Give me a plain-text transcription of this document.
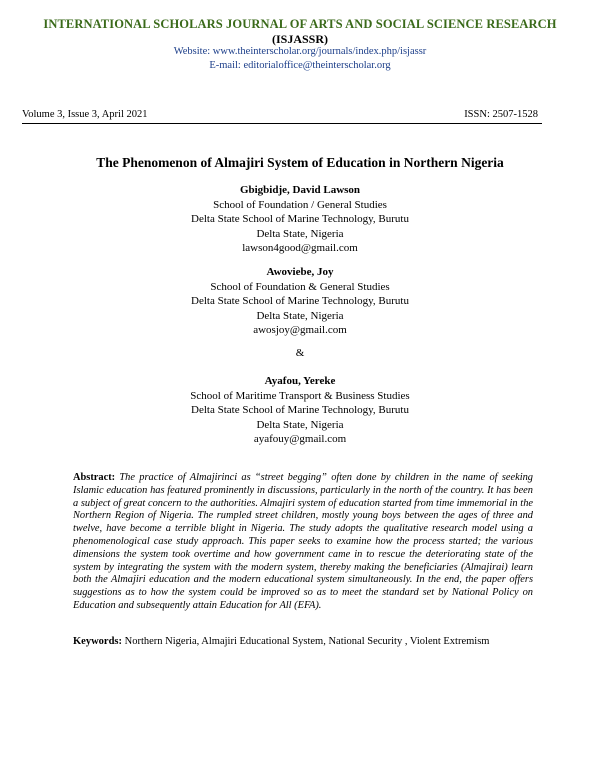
INTERNATIONAL SCHOLARS JOURNAL OF ARTS AND SOCIAL SCIENCE RESEARCH
(ISJASSR)
Website: www.theinterscholar.org/journals/index.php/isjassr
E-mail: editorialoffice@theinterscholar.org
Volume 3, Issue 3, April 2021	ISSN: 2507-1528
The Phenomenon of Almajiri System of Education in Northern Nigeria
Gbigbidje, David Lawson
School of Foundation / General Studies
Delta State School of Marine Technology, Burutu
Delta State, Nigeria
lawson4good@gmail.com
Awoviebe, Joy
School of Foundation & General Studies
Delta State School of Marine Technology, Burutu
Delta State, Nigeria
awosjoy@gmail.com
&
Ayafou, Yereke
School of Maritime Transport & Business Studies
Delta State School of Marine Technology, Burutu
Delta State, Nigeria
ayafouy@gmail.com
Abstract: The practice of Almajirinci as “street begging” often done by children in the name of seeking Islamic education has featured prominently in discussions, particularly in the north of the country. It has been a subject of great concern to the authorities. Almajiri system of education started from time immemorial in the Northern Region of Nigeria. The rumpled street children, mostly young boys between the ages of three and twelve, have become a terrible blight in Nigeria. The study adopts the qualitative research model using a phenomenological case study approach. This paper seeks to examine how the process started; the various dimensions the system took overtime and how government came in to rescue the deteriorating state of the system by integrating the system with the modern system, thereby making the beneficiaries (Almajirai) learn both the Almajiri education and the modern educational system simultaneously. In the end, the paper offers suggestions as to how the system could be improved so as to meet the standard set by National Policy on Education and subsequently attain Education for All (EFA).
Keywords: Northern Nigeria, Almajiri Educational System, National Security , Violent Extremism
